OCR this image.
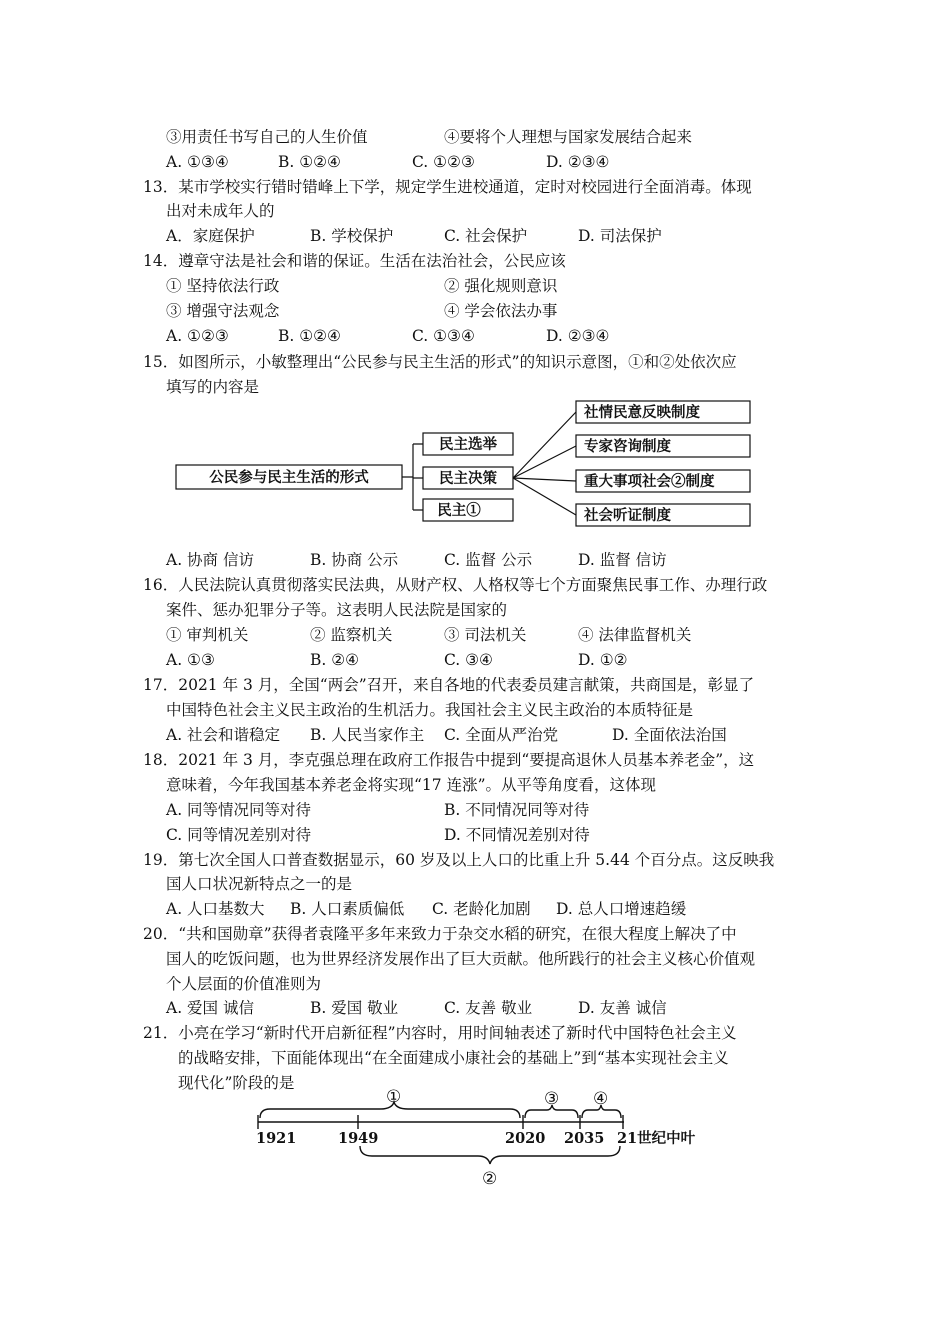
③用责任书写自己的人生价值	④要将个人理想与国家发展结合起来
A. ①③④	B. ①②④	C. ①②③	D. ②③④
13．某市学校实行错时错峰上下学，规定学生进校通道，定时对校园进行全面消毒。体现
出对未成年人的
A．家庭保护	B. 学校保护	C. 社会保护	D. 司法保护
14．遵章守法是社会和谐的保证。生活在法治社会，公民应该
① 坚持依法行政	② 强化规则意识
③ 增强守法观念	④ 学会依法办事
A. ①②③	B. ①②④	C. ①③④	D. ②③④
15．如图所示，小敏整理出“公民参与民主生活的形式”的知识示意图，①和②处依次应
填写的内容是
公民参与民主生活的形式
民主选举
民主决策
民主①
社情民意反映制度
专家咨询制度
重大事项社会②制度
社会听证制度
A. 协商 信访	B. 协商 公示	C. 监督 公示	D. 监督 信访
16．人民法院认真贯彻落实民法典，从财产权、人格权等七个方面聚焦民事工作、办理行政
案件、惩办犯罪分子等。这表明人民法院是国家的
① 审判机关	② 监察机关	③ 司法机关	④ 法律监督机关
A. ①③	B. ②④	C. ③④	D. ①②
17．2021 年 3 月，全国“两会”召开，来自各地的代表委员建言献策，共商国是，彰显了
中国特色社会主义民主政治的生机活力。我国社会主义民主政治的本质特征是
A. 社会和谐稳定 B. 人民当家作主 C. 全面从严治党	D. 全面依法治国
18．2021 年 3 月，李克强总理在政府工作报告中提到“要提高退休人员基本养老金”，这
意味着，今年我国基本养老金将实现“17 连涨”。从平等角度看，这体现
A. 同等情况同等对待	B. 不同情况同等对待
C. 同等情况差别对待	D. 不同情况差别对待
19．第七次全国人口普查数据显示，60 岁及以上人口的比重上升 5.44 个百分点。这反映我
国人口状况新特点之一的是
A. 人口基数大 B. 人口素质偏低 C. 老龄化加剧 D. 总人口增速趋缓
20．“共和国勋章”获得者袁隆平多年来致力于杂交水稻的研究，在很大程度上解决了中
国人的吃饭问题，也为世界经济发展作出了巨大贡献。他所践行的社会主义核心价值观
个人层面的价值准则为
A. 爱国 诚信	B. 爱国 敬业	C. 友善 敬业	D. 友善 诚信
21．小亮在学习“新时代开启新征程”内容时，用时间轴表述了新时代中国特色社会主义
的战略安排，下面能体现出“在全面建成小康社会的基础上”到“基本实现社会主义
现代化”阶段的是
1921	1949	2020 2035 21世纪中叶
①
②
③ ④
